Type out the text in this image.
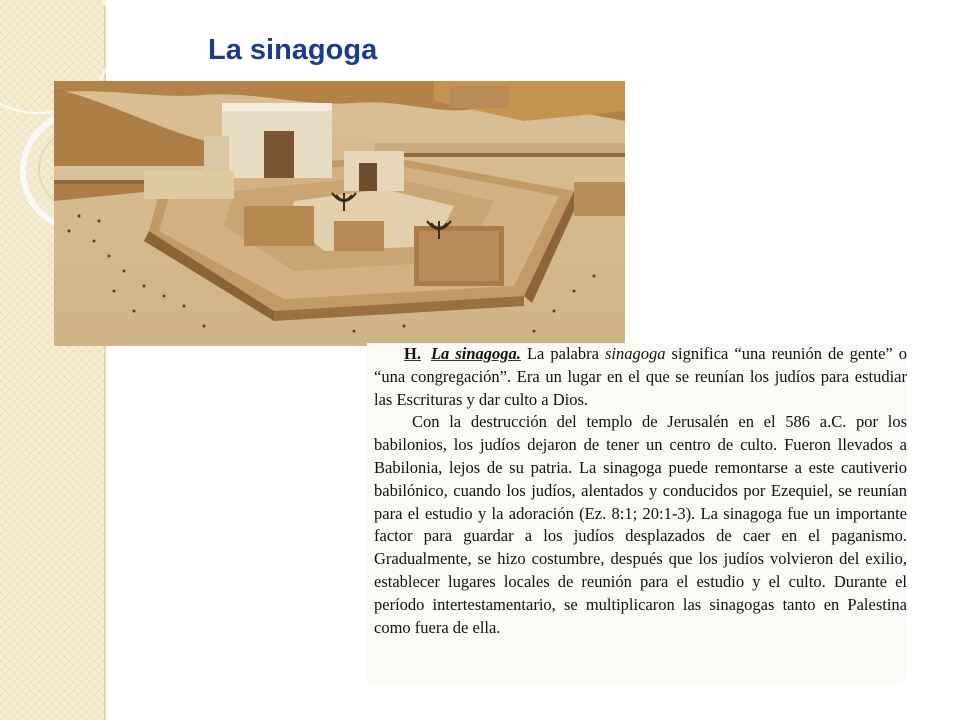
La sinagoga

H. La sinagoga. La palabra sinagoga significa “una reunión de gente” o “una congregación”. Era un lugar en el que se reunían los judíos para estudiar las Escrituras y dar culto a Dios.

Con la destrucción del templo de Jerusalén en el 586 a.C. por los babilonios, los judíos dejaron de tener un centro de culto. Fueron llevados a Babilonia, lejos de su patria. La sinagoga puede remontarse a este cautiverio babilónico, cuando los judíos, alentados y conducidos por Ezequiel, se reunían para el estudio y la adoración (Ez. 8:1; 20:1-3). La sinagoga fue un importante factor para guardar a los judíos desplazados de caer en el paganismo. Gradualmente, se hizo costumbre, después que los judíos volvieron del exilio, establecer lugares locales de reunión para el estudio y el culto. Durante el período intertestamentario, se multiplicaron las sinagogas tanto en Palestina como fuera de ella.
